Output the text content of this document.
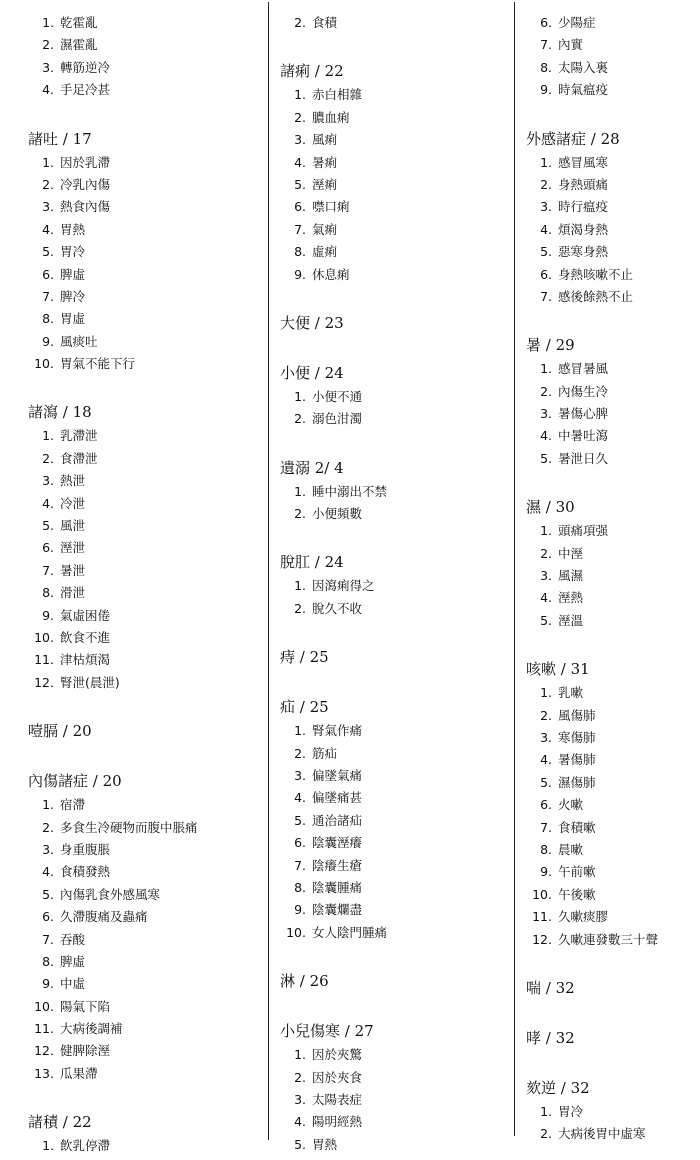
1. 乾霍亂
2. 濕霍亂
3. 轉筋逆冷
4. 手足冷甚
諸吐 / 17
1. 因於乳滯
2. 冷乳內傷
3. 熱食內傷
4. 胃熱
5. 胃冷
6. 脾虛
7. 脾冷
8. 胃虛
9. 風痰吐
10. 胃氣不能下行
諸瀉 / 18
1. 乳滯泄
2. 食滯泄
3. 熱泄
4. 冷泄
5. 風泄
6. 溼泄
7. 暑泄
8. 滑泄
9. 氣虛困倦
10. 飲食不進
11. 津枯煩渴
12. 腎泄(晨泄)
噎膈 / 20
內傷諸症 / 20
1. 宿滯
2. 多食生冷硬物而腹中脹痛
3. 身重腹脹
4. 食積發熱
5. 內傷乳食外感風寒
6. 久滯腹痛及蟲痛
7. 吞酸
8. 脾虛
9. 中虛
10. 陽氣下陷
11. 大病後調補
12. 健脾除溼
13. 瓜果滯
諸積 / 22
1. 飲乳停滯
2. 食積
諸痢 / 22
1. 赤白相雜
2. 膿血痢
3. 風痢
4. 暑痢
5. 溼痢
6. 噤口痢
7. 氣痢
8. 虛痢
9. 休息痢
大便 / 23
小便 / 24
1. 小便不通
2. 溺色泔濁
遺溺 2/ 4
1. 睡中溺出不禁
2. 小便頻數
脫肛 / 24
1. 因瀉痢得之
2. 脫久不收
痔 / 25
疝 / 25
1. 腎氣作痛
2. 筋疝
3. 偏墜氣痛
4. 偏墜痛甚
5. 通治諸疝
6. 陰囊溼癢
7. 陰癢生瘡
8. 陰囊腫痛
9. 陰囊爛盡
10. 女人陰門腫痛
淋 / 26
小兒傷寒 / 27
1. 因於夾驚
2. 因於夾食
3. 太陽表症
4. 陽明經熱
5. 胃熱
6. 少陽症
7. 內實
8. 太陽入裏
9. 時氣瘟疫
外感諸症 / 28
1. 感冒風寒
2. 身熱頭痛
3. 時行瘟疫
4. 煩渴身熱
5. 惡寒身熱
6. 身熱咳嗽不止
7. 感後餘熱不止
暑 / 29
1. 感冒暑風
2. 內傷生冷
3. 暑傷心脾
4. 中暑吐瀉
5. 暑泄日久
濕 / 30
1. 頭痛項强
2. 中溼
3. 風濕
4. 溼熱
5. 溼溫
咳嗽 / 31
1. 乳嗽
2. 風傷肺
3. 寒傷肺
4. 暑傷肺
5. 濕傷肺
6. 火嗽
7. 食積嗽
8. 晨嗽
9. 午前嗽
10. 午後嗽
11. 久嗽痰膠
12. 久嗽連發數三十聲
喘 / 32
哮 / 32
欬逆 / 32
1. 胃冷
2. 大病後胃中虛寒
